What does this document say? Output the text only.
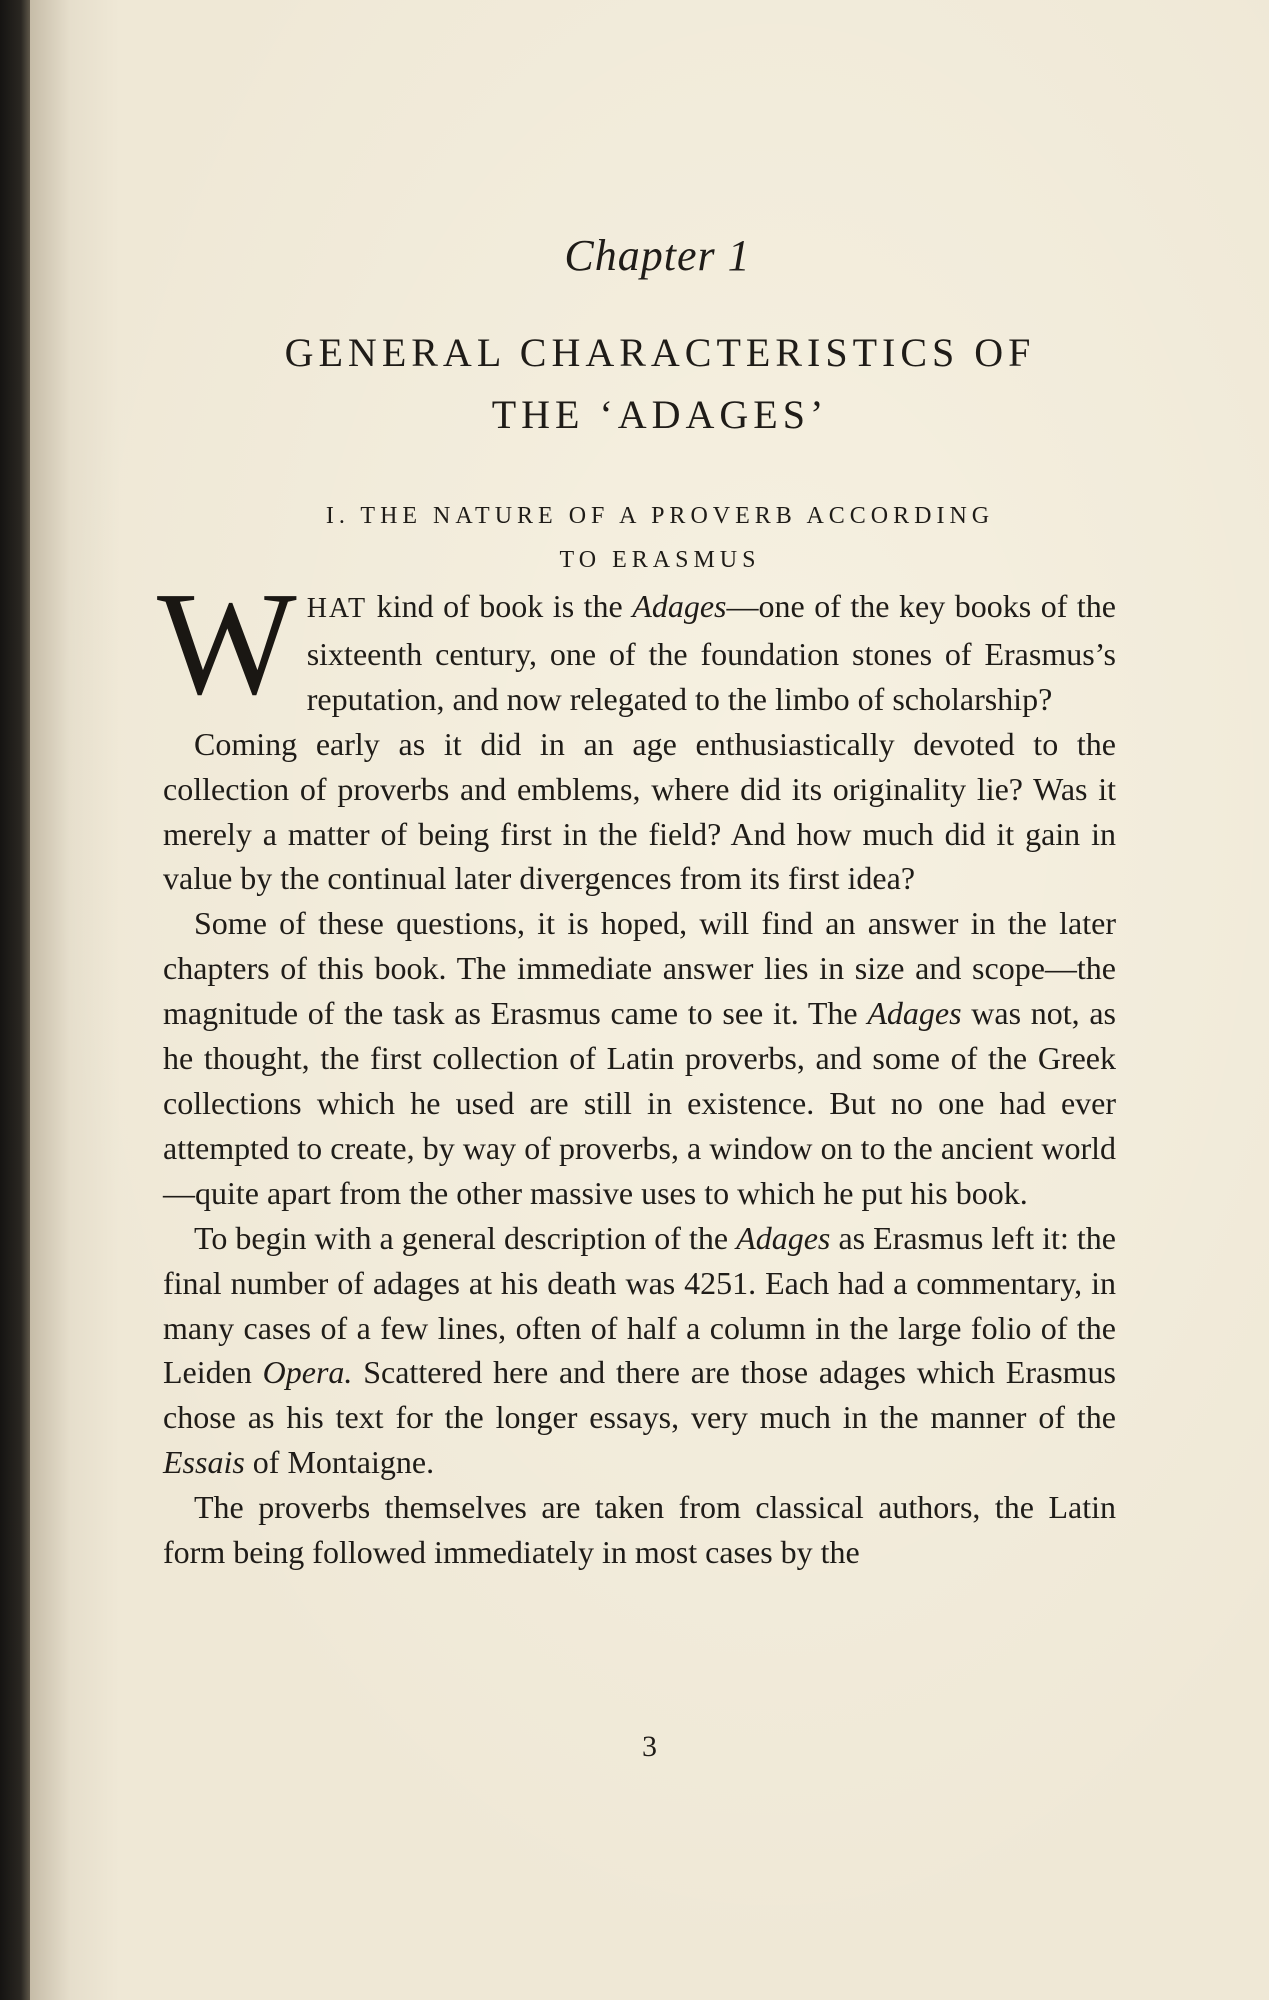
Chapter 1
GENERAL CHARACTERISTICS OF
THE ‘ADAGES’
I. THE NATURE OF A PROVERB ACCORDING
TO ERASMUS

WHAT kind of book is the Adages—one of the key books of the sixteenth century, one of the foundation stones of Erasmus’s reputation, and now relegated to the limbo of scholarship?

Coming early as it did in an age enthusiastically devoted to the collection of proverbs and emblems, where did its originality lie? Was it merely a matter of being first in the field? And how much did it gain in value by the continual later divergences from its first idea?

Some of these questions, it is hoped, will find an answer in the later chapters of this book. The immediate answer lies in size and scope—the magnitude of the task as Erasmus came to see it. The Adages was not, as he thought, the first collection of Latin proverbs, and some of the Greek collections which he used are still in existence. But no one had ever attempted to create, by way of proverbs, a window on to the ancient world—quite apart from the other massive uses to which he put his book.

To begin with a general description of the Adages as Erasmus left it: the final number of adages at his death was 4251. Each had a commentary, in many cases of a few lines, often of half a column in the large folio of the Leiden Opera. Scattered here and there are those adages which Erasmus chose as his text for the longer essays, very much in the manner of the Essais of Montaigne.

The proverbs themselves are taken from classical authors, the Latin form being followed immediately in most cases by the

3
